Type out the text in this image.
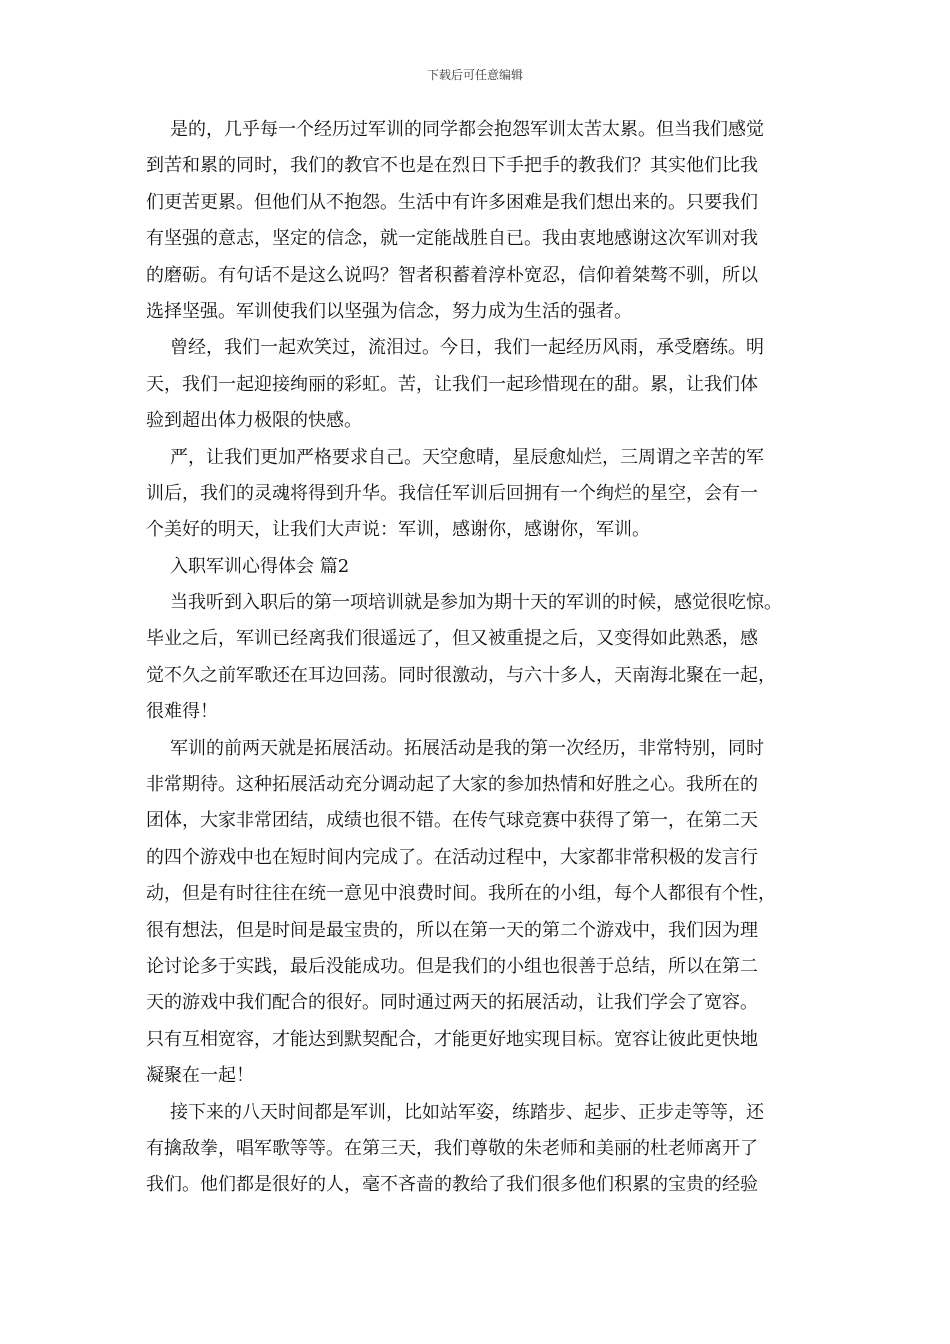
下载后可任意编辑
是的，几乎每一个经历过军训的同学都会抱怨军训太苦太累。但当我们感觉
到苦和累的同时，我们的教官不也是在烈日下手把手的教我们？其实他们比我
们更苦更累。但他们从不抱怨。生活中有许多困难是我们想出来的。只要我们
有坚强的意志，坚定的信念，就一定能战胜自已。我由衷地感谢这次军训对我
的磨砺。有句话不是这么说吗？智者积蓄着淳朴宽忍，信仰着桀骜不驯，所以
选择坚强。军训使我们以坚强为信念，努力成为生活的强者。
曾经，我们一起欢笑过，流泪过。今日，我们一起经历风雨，承受磨练。明
天，我们一起迎接绚丽的彩虹。苦，让我们一起珍惜现在的甜。累，让我们体
验到超出体力极限的快感。
严，让我们更加严格要求自己。天空愈晴，星辰愈灿烂，三周谓之辛苦的军
训后，我们的灵魂将得到升华。我信任军训后回拥有一个绚烂的星空，会有一
个美好的明天，让我们大声说：军训，感谢你，感谢你，军训。
入职军训心得体会 篇2
当我听到入职后的第一项培训就是参加为期十天的军训的时候，感觉很吃惊。
毕业之后，军训已经离我们很遥远了，但又被重提之后，又变得如此熟悉，感
觉不久之前军歌还在耳边回荡。同时很激动，与六十多人，天南海北聚在一起，
很难得！
军训的前两天就是拓展活动。拓展活动是我的第一次经历，非常特别，同时
非常期待。这种拓展活动充分调动起了大家的参加热情和好胜之心。我所在的
团体，大家非常团结，成绩也很不错。在传气球竞赛中获得了第一，在第二天
的四个游戏中也在短时间内完成了。在活动过程中，大家都非常积极的发言行
动，但是有时往往在统一意见中浪费时间。我所在的小组，每个人都很有个性，
很有想法，但是时间是最宝贵的，所以在第一天的第二个游戏中，我们因为理
论讨论多于实践，最后没能成功。但是我们的小组也很善于总结，所以在第二
天的游戏中我们配合的很好。同时通过两天的拓展活动，让我们学会了宽容。
只有互相宽容，才能达到默契配合，才能更好地实现目标。宽容让彼此更快地
凝聚在一起！
接下来的八天时间都是军训，比如站军姿，练踏步、起步、正步走等等，还
有擒敌拳，唱军歌等等。在第三天，我们尊敬的朱老师和美丽的杜老师离开了
我们。他们都是很好的人，毫不吝啬的教给了我们很多他们积累的宝贵的经验
